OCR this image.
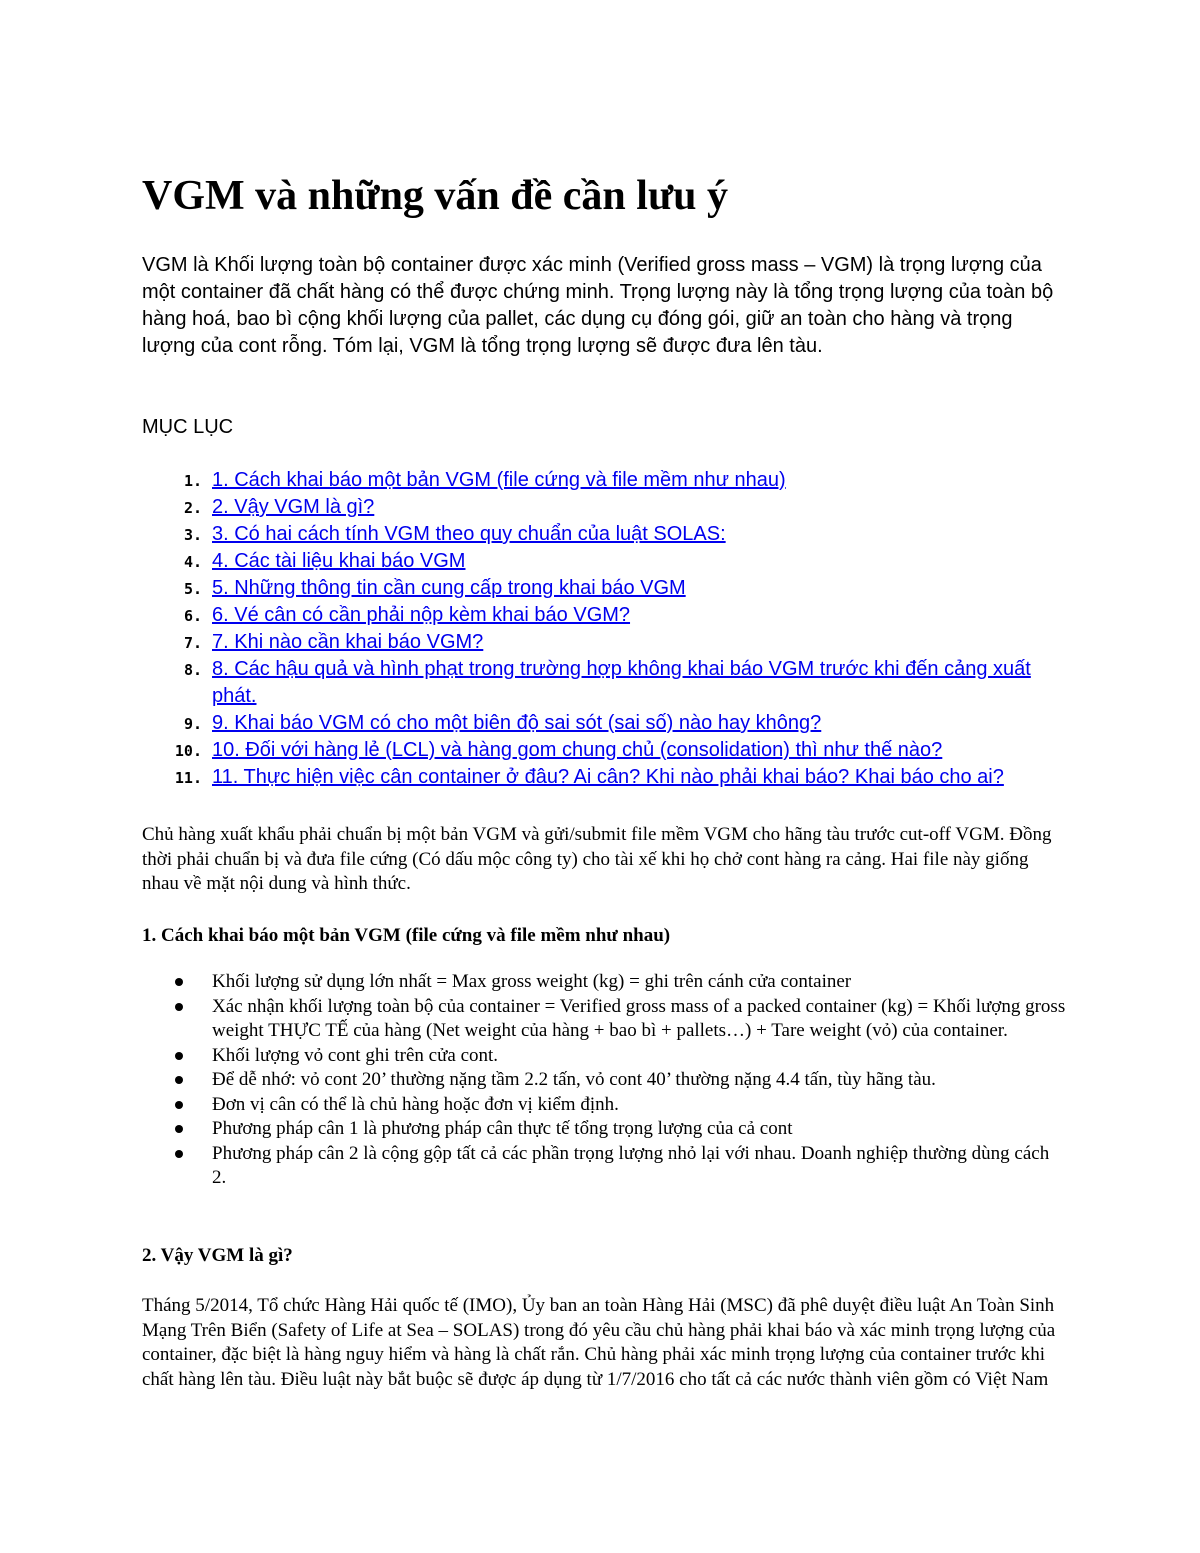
VGM và những vấn đề cần lưu ý

VGM là Khối lượng toàn bộ container được xác minh (Verified gross mass – VGM) là trọng lượng của một container đã chất hàng có thể được chứng minh. Trọng lượng này là tổng trọng lượng của toàn bộ hàng hoá, bao bì cộng khối lượng của pallet, các dụng cụ đóng gói, giữ an toàn cho hàng và trọng lượng của cont rỗng. Tóm lại, VGM là tổng trọng lượng sẽ được đưa lên tàu.

MỤC LỤC

1. 1. Cách khai báo một bản VGM (file cứng và file mềm như nhau)
2. 2. Vậy VGM là gì?
3. 3. Có hai cách tính VGM theo quy chuẩn của luật SOLAS:
4. 4. Các tài liệu khai báo VGM
5. 5. Những thông tin cần cung cấp trong khai báo VGM
6. 6. Vé cân có cần phải nộp kèm khai báo VGM?
7. 7. Khi nào cần khai báo VGM?
8. 8. Các hậu quả và hình phạt trong trường hợp không khai báo VGM trước khi đến cảng xuất phát.
9. 9. Khai báo VGM có cho một biên độ sai sót (sai số) nào hay không?
10. 10. Đối với hàng lẻ (LCL) và hàng gom chung chủ (consolidation) thì như thế nào?
11. 11. Thực hiện việc cân container ở đâu? Ai cân? Khi nào phải khai báo? Khai báo cho ai?

Chủ hàng xuất khẩu phải chuẩn bị một bản VGM và gửi/submit file mềm VGM cho hãng tàu trước cut-off VGM. Đồng thời phải chuẩn bị và đưa file cứng (Có dấu mộc công ty) cho tài xế khi họ chở cont hàng ra cảng. Hai file này giống nhau về mặt nội dung và hình thức.

1. Cách khai báo một bản VGM (file cứng và file mềm như nhau)
Khối lượng sử dụng lớn nhất = Max gross weight (kg) = ghi trên cánh cửa container
Xác nhận khối lượng toàn bộ của container = Verified gross mass of a packed container (kg) = Khối lượng gross weight THỰC TẾ của hàng (Net weight của hàng + bao bì + pallets…) + Tare weight (vỏ) của container.
Khối lượng vỏ cont ghi trên cửa cont.
Để dễ nhớ: vỏ cont 20’ thường nặng tầm 2.2 tấn, vỏ cont 40’ thường nặng 4.4 tấn, tùy hãng tàu.
Đơn vị cân có thể là chủ hàng hoặc đơn vị kiểm định.
Phương pháp cân 1 là phương pháp cân thực tế tổng trọng lượng của cả cont
Phương pháp cân 2 là cộng gộp tất cả các phần trọng lượng nhỏ lại với nhau. Doanh nghiệp thường dùng cách 2.
2. Vậy VGM là gì?

Tháng 5/2014, Tổ chức Hàng Hải quốc tế (IMO), Ủy ban an toàn Hàng Hải (MSC) đã phê duyệt điều luật An Toàn Sinh Mạng Trên Biển (Safety of Life at Sea – SOLAS) trong đó yêu cầu chủ hàng phải khai báo và xác minh trọng lượng của container, đặc biệt là hàng nguy hiểm và hàng là chất rắn. Chủ hàng phải xác minh trọng lượng của container trước khi chất hàng lên tàu. Điều luật này bắt buộc sẽ được áp dụng từ 1/7/2016 cho tất cả các nước thành viên gồm có Việt Nam
